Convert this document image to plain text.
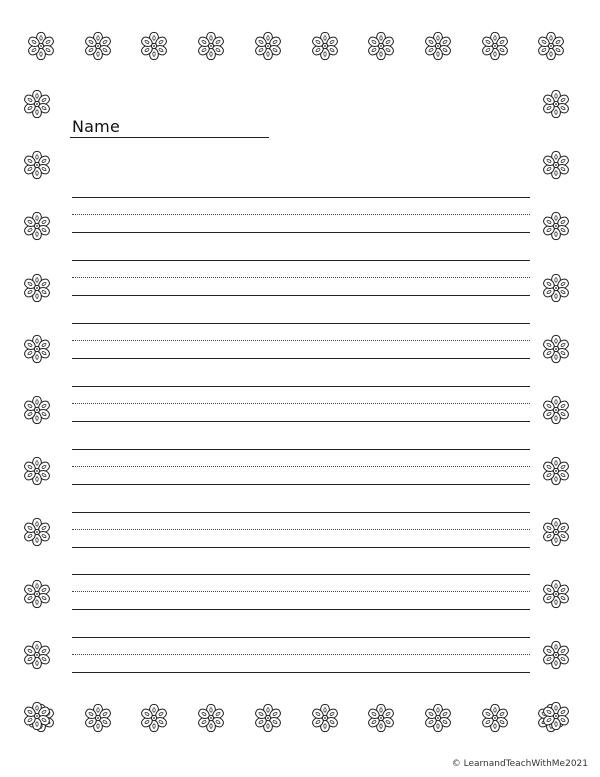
Name
© LearnandTeachWithMe2021
